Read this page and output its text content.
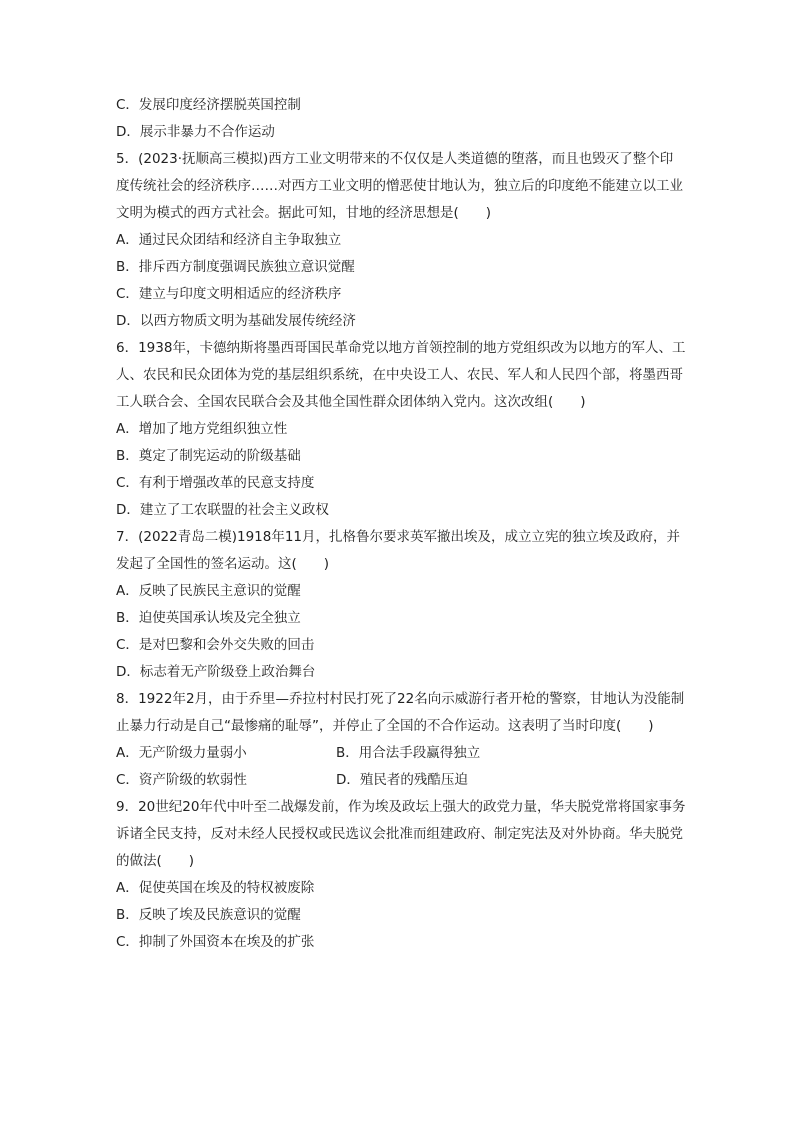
C．发展印度经济摆脱英国控制
D．展示非暴力不合作运动
5．(2023·抚顺高三模拟)西方工业文明带来的不仅仅是人类道德的堕落，而且也毁灭了整个印度传统社会的经济秩序……对西方工业文明的憎恶使甘地认为，独立后的印度绝不能建立以工业文明为模式的西方式社会。据此可知，甘地的经济思想是(　　)
A．通过民众团结和经济自主争取独立
B．排斥西方制度强调民族独立意识觉醒
C．建立与印度文明相适应的经济秩序
D．以西方物质文明为基础发展传统经济
6．1938年，卡德纳斯将墨西哥国民革命党以地方首领控制的地方党组织改为以地方的军人、工人、农民和民众团体为党的基层组织系统，在中央设工人、农民、军人和人民四个部，将墨西哥工人联合会、全国农民联合会及其他全国性群众团体纳入党内。这次改组(　　)
A．增加了地方党组织独立性
B．奠定了制宪运动的阶级基础
C．有利于增强改革的民意支持度
D．建立了工农联盟的社会主义政权
7．(2022青岛二模)1918年11月，扎格鲁尔要求英军撤出埃及，成立立宪的独立埃及政府，并发起了全国性的签名运动。这(　　)
A．反映了民族民主意识的觉醒
B．迫使英国承认埃及完全独立
C．是对巴黎和会外交失败的回击
D．标志着无产阶级登上政治舞台
8．1922年2月，由于乔里—乔拉村村民打死了22名向示威游行者开枪的警察，甘地认为没能制止暴力行动是自己“最惨痛的耻辱”，并停止了全国的不合作运动。这表明了当时印度(　　)
A．无产阶级力量弱小	B．用合法手段赢得独立
C．资产阶级的软弱性	D．殖民者的残酷压迫
9．20世纪20年代中叶至二战爆发前，作为埃及政坛上强大的政党力量，华夫脱党常将国家事务诉诸全民支持，反对未经人民授权或民选议会批准而组建政府、制定宪法及对外协商。华夫脱党的做法(　　)
A．促使英国在埃及的特权被废除
B．反映了埃及民族意识的觉醒
C．抑制了外国资本在埃及的扩张
